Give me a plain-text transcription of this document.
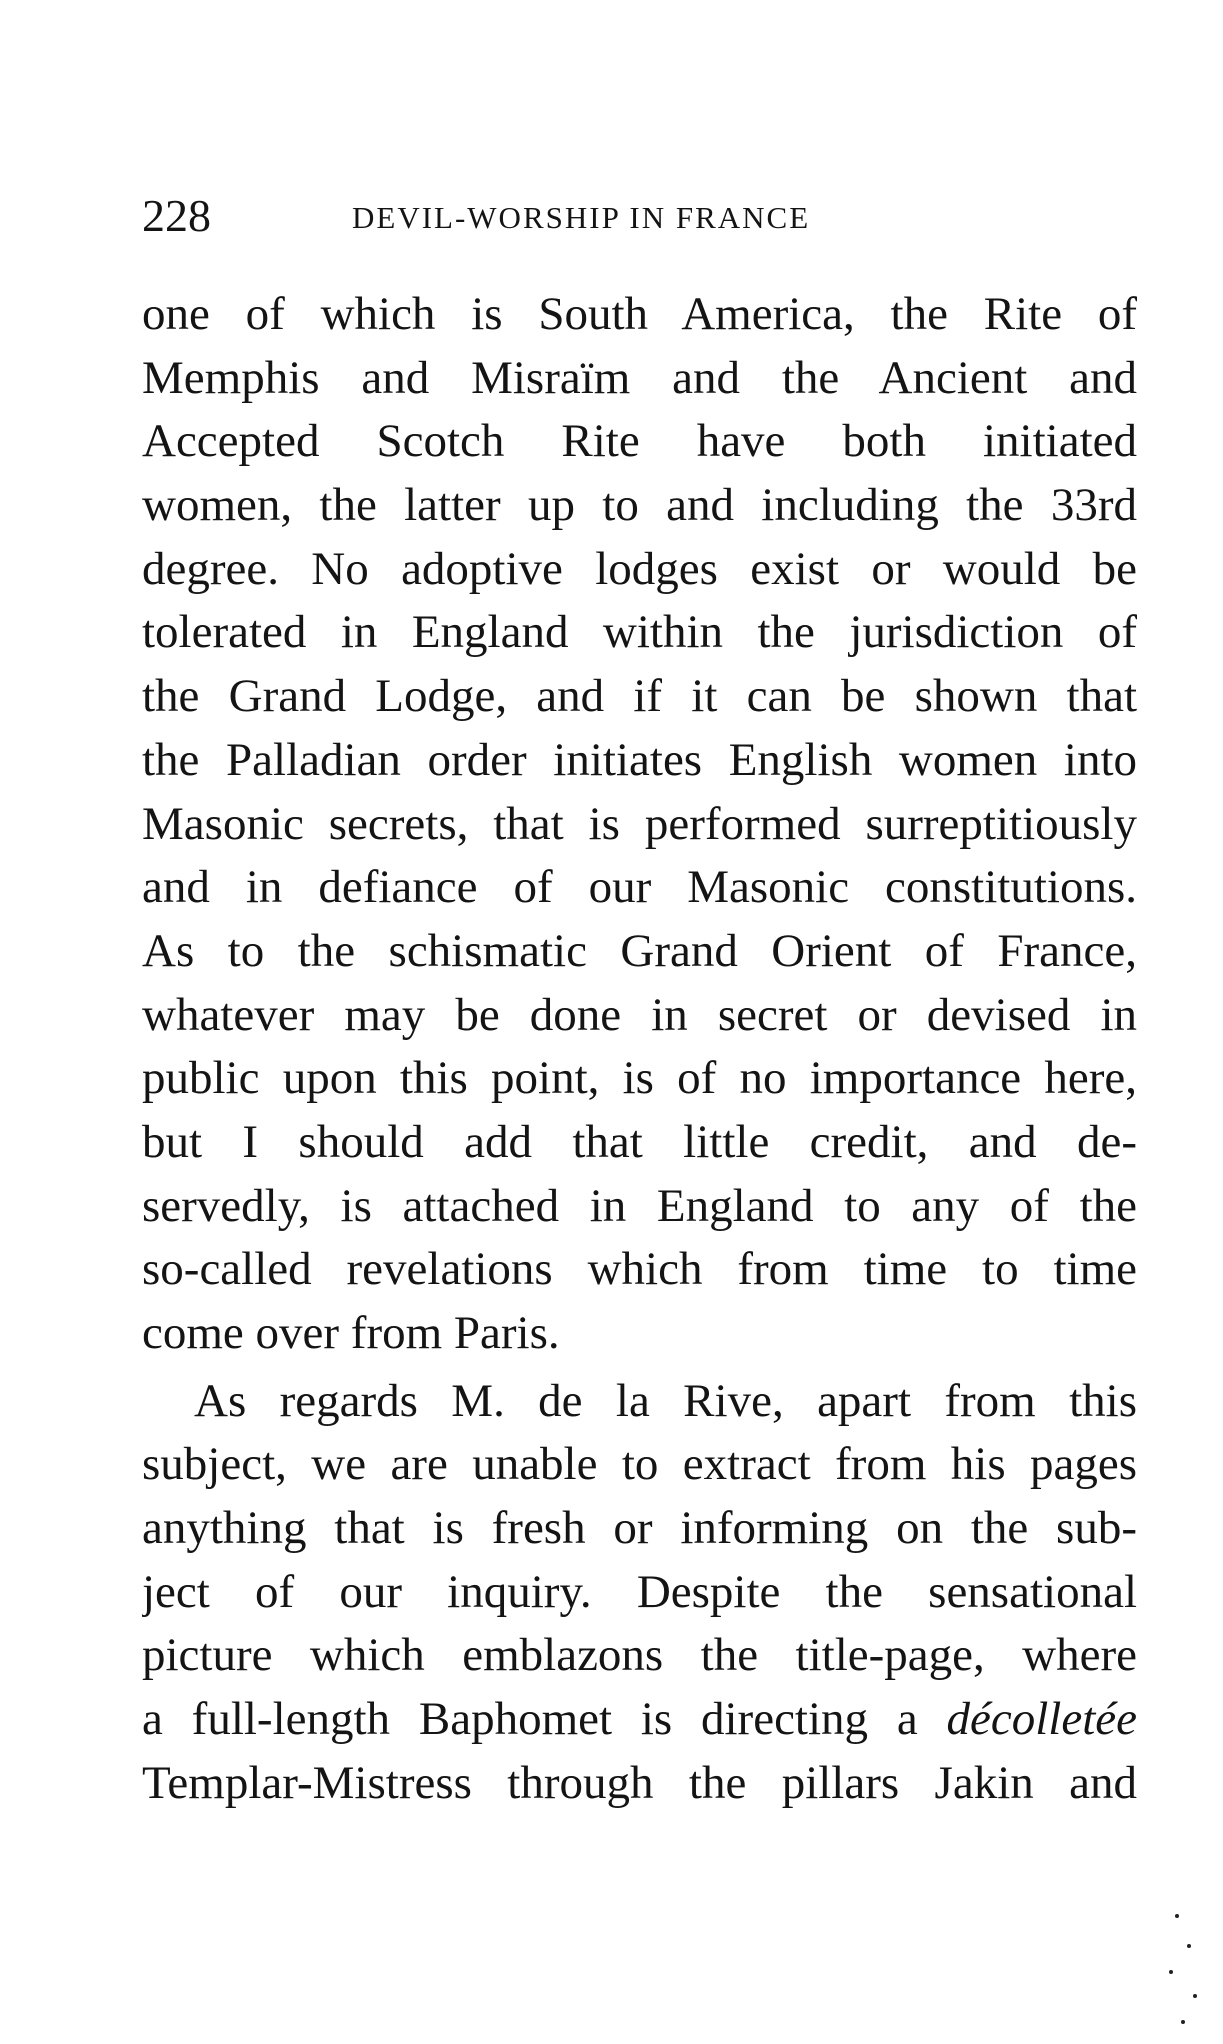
228	DEVIL-WORSHIP IN FRANCE
one of which is South America, the Rite of
Memphis and Misraïm and the Ancient and
Accepted Scotch Rite have both initiated
women, the latter up to and including the 33rd
degree. No adoptive lodges exist or would be
tolerated in England within the jurisdiction of
the Grand Lodge, and if it can be shown that
the Palladian order initiates English women into
Masonic secrets, that is performed surreptitiously
and in defiance of our Masonic constitutions.
As to the schismatic Grand Orient of France,
whatever may be done in secret or devised in
public upon this point, is of no importance here,
but I should add that little credit, and de-
servedly, is attached in England to any of the
so-called revelations which from time to time
come over from Paris.
As regards M. de la Rive, apart from this
subject, we are unable to extract from his pages
anything that is fresh or informing on the sub-
ject of our inquiry. Despite the sensational
picture which emblazons the title-page, where
a full-length Baphomet is directing a décolletée
Templar-Mistress through the pillars Jakin and
